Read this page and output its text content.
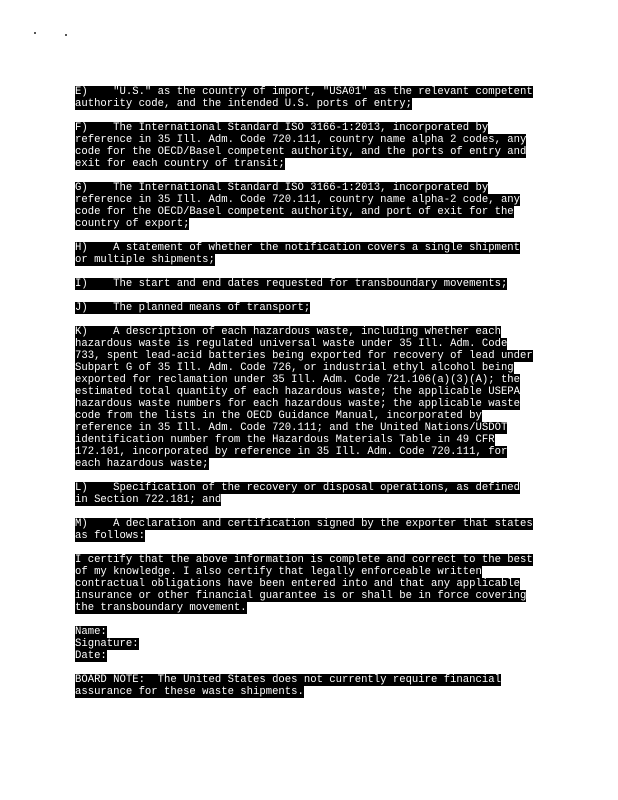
E)    "U.S." as the country of import, "USA01" as the relevant competent
authority code, and the intended U.S. ports of entry;
F)    The International Standard ISO 3166-1:2013, incorporated by
reference in 35 Ill. Adm. Code 720.111, country name alpha 2 codes, any
code for the OECD/Basel competent authority, and the ports of entry and
exit for each country of transit;
G)    The International Standard ISO 3166-1:2013, incorporated by
reference in 35 Ill. Adm. Code 720.111, country name alpha-2 code, any
code for the OECD/Basel competent authority, and port of exit for the
country of export;
H)    A statement of whether the notification covers a single shipment
or multiple shipments;
I)    The start and end dates requested for transboundary movements;
J)    The planned means of transport;
K)    A description of each hazardous waste, including whether each
hazardous waste is regulated universal waste under 35 Ill. Adm. Code
733, spent lead-acid batteries being exported for recovery of lead under
Subpart G of 35 Ill. Adm. Code 726, or industrial ethyl alcohol being
exported for reclamation under 35 Ill. Adm. Code 721.106(a)(3)(A); the
estimated total quantity of each hazardous waste; the applicable USEPA
hazardous waste numbers for each hazardous waste; the applicable waste
code from the lists in the OECD Guidance Manual, incorporated by
reference in 35 Ill. Adm. Code 720.111; and the United Nations/USDOT
identification number from the Hazardous Materials Table in 49 CFR
172.101, incorporated by reference in 35 Ill. Adm. Code 720.111, for
each hazardous waste;
L)    Specification of the recovery or disposal operations, as defined
in Section 722.181; and
M)    A declaration and certification signed by the exporter that states
as follows:
I certify that the above information is complete and correct to the best
of my knowledge. I also certify that legally enforceable written
contractual obligations have been entered into and that any applicable
insurance or other financial guarantee is or shall be in force covering
the transboundary movement.
Name:
Signature:
Date:
BOARD NOTE:  The United States does not currently require financial
assurance for these waste shipments.
